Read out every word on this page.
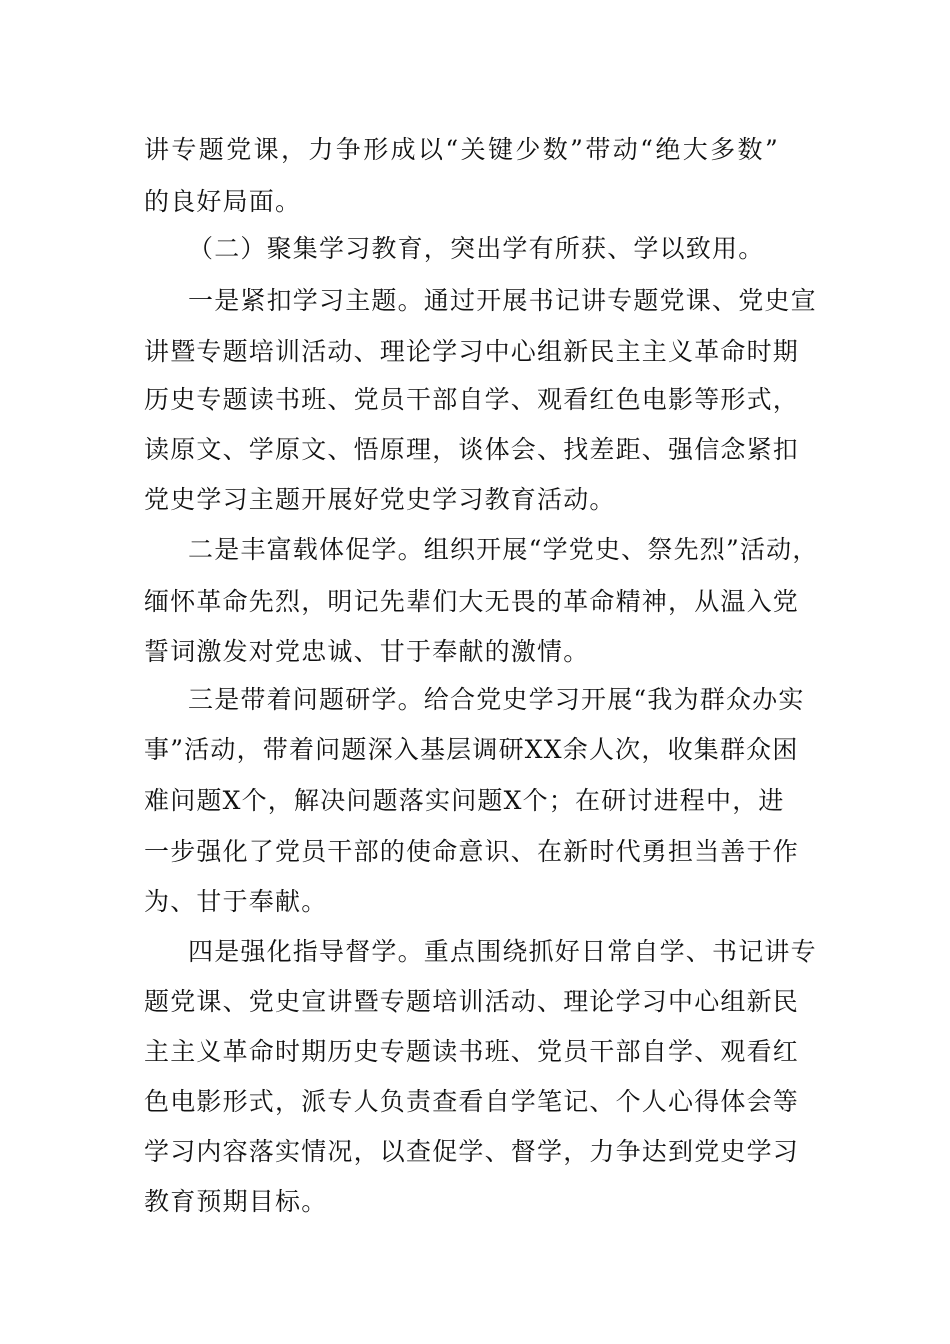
讲专题党课，力争形成以“关键少数”带动“绝大多数”
的良好局面。
（二）聚集学习教育，突出学有所获、学以致用。
一是紧扣学习主题。通过开展书记讲专题党课、党史宣
讲暨专题培训活动、理论学习中心组新民主主义革命时期
历史专题读书班、党员干部自学、观看红色电影等形式，
读原文、学原文、悟原理，谈体会、找差距、强信念紧扣
党史学习主题开展好党史学习教育活动。
二是丰富载体促学。组织开展“学党史、祭先烈”活动，
缅怀革命先烈，明记先辈们大无畏的革命精神，从温入党
誓词激发对党忠诚、甘于奉献的激情。
三是带着问题研学。给合党史学习开展“我为群众办实
事”活动，带着问题深入基层调研XX余人次，收集群众困
难问题X个，解决问题落实问题X个；在研讨进程中，进
一步强化了党员干部的使命意识、在新时代勇担当善于作
为、甘于奉献。
四是强化指导督学。重点围绕抓好日常自学、书记讲专
题党课、党史宣讲暨专题培训活动、理论学习中心组新民
主主义革命时期历史专题读书班、党员干部自学、观看红
色电影形式，派专人负责查看自学笔记、个人心得体会等
学习内容落实情况，以查促学、督学，力争达到党史学习
教育预期目标。
